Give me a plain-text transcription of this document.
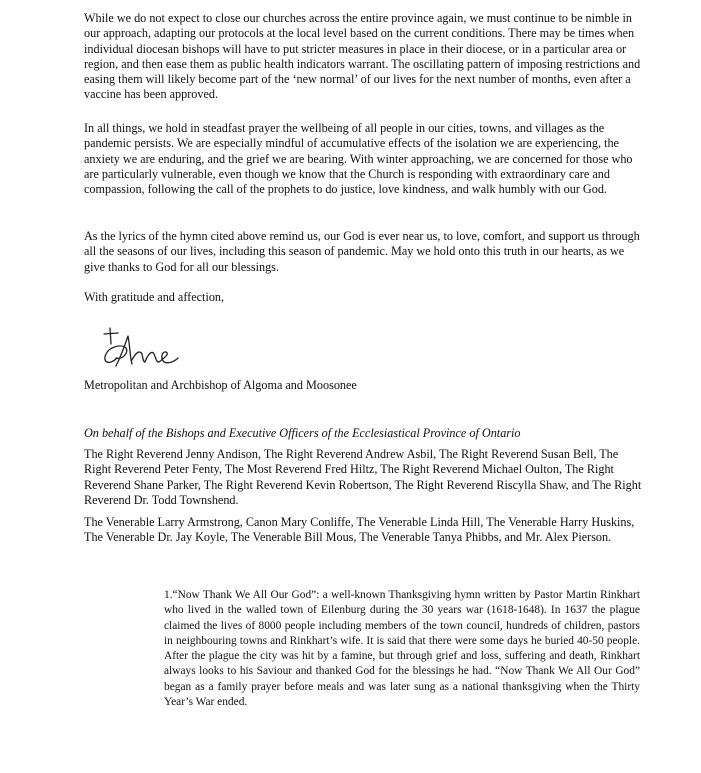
While we do not expect to close our churches across the entire province again, we must continue to be nimble in our approach, adapting our protocols at the local level based on the current conditions. There may be times when individual diocesan bishops will have to put stricter measures in place in their diocese, or in a particular area or region, and then ease them as public health indicators warrant. The oscillating pattern of imposing restrictions and easing them will likely become part of the ‘new normal’ of our lives for the next number of months, even after a vaccine has been approved.

In all things, we hold in steadfast prayer the wellbeing of all people in our cities, towns, and villages as the pandemic persists. We are especially mindful of accumulative effects of the isolation we are experiencing, the anxiety we are enduring, and the grief we are bearing. With winter approaching, we are concerned for those who are particularly vulnerable, even though we know that the Church is responding with extraordinary care and compassion, following the call of the prophets to do justice, love kindness, and walk humbly with our God.

As the lyrics of the hymn cited above remind us, our God is ever near us, to love, comfort, and support us through all the seasons of our lives, including this season of pandemic. May we hold onto this truth in our hearts, as we give thanks to God for all our blessings.

With gratitude and affection,

Metropolitan and Archbishop of Algoma and Moosonee

On behalf of the Bishops and Executive Officers of the Ecclesiastical Province of Ontario

The Right Reverend Jenny Andison, The Right Reverend Andrew Asbil, The Right Reverend Susan Bell, The Right Reverend Peter Fenty, The Most Reverend Fred Hiltz, The Right Reverend Michael Oulton, The Right Reverend Shane Parker, The Right Reverend Kevin Robertson, The Right Reverend Riscylla Shaw, and The Right Reverend Dr. Todd Townshend.

The Venerable Larry Armstrong, Canon Mary Conliffe, The Venerable Linda Hill, The Venerable Harry Huskins, The Venerable Dr. Jay Koyle, The Venerable Bill Mous, The Venerable Tanya Phibbs, and Mr. Alex Pierson.

1.“Now Thank We All Our God”: a well-known Thanksgiving hymn written by Pastor Martin Rinkhart who lived in the walled town of Eilenburg during the 30 years war (1618-1648). In 1637 the plague claimed the lives of 8000 people including members of the town council, hundreds of children, pastors in neighbouring towns and Rinkhart’s wife. It is said that there were some days he buried 40-50 people. After the plague the city was hit by a famine, but through grief and loss, suffering and death, Rinkhart always looks to his Saviour and thanked God for the blessings he had. “Now Thank We All Our God” began as a family prayer before meals and was later sung as a national thanksgiving when the Thirty Year’s War ended.
